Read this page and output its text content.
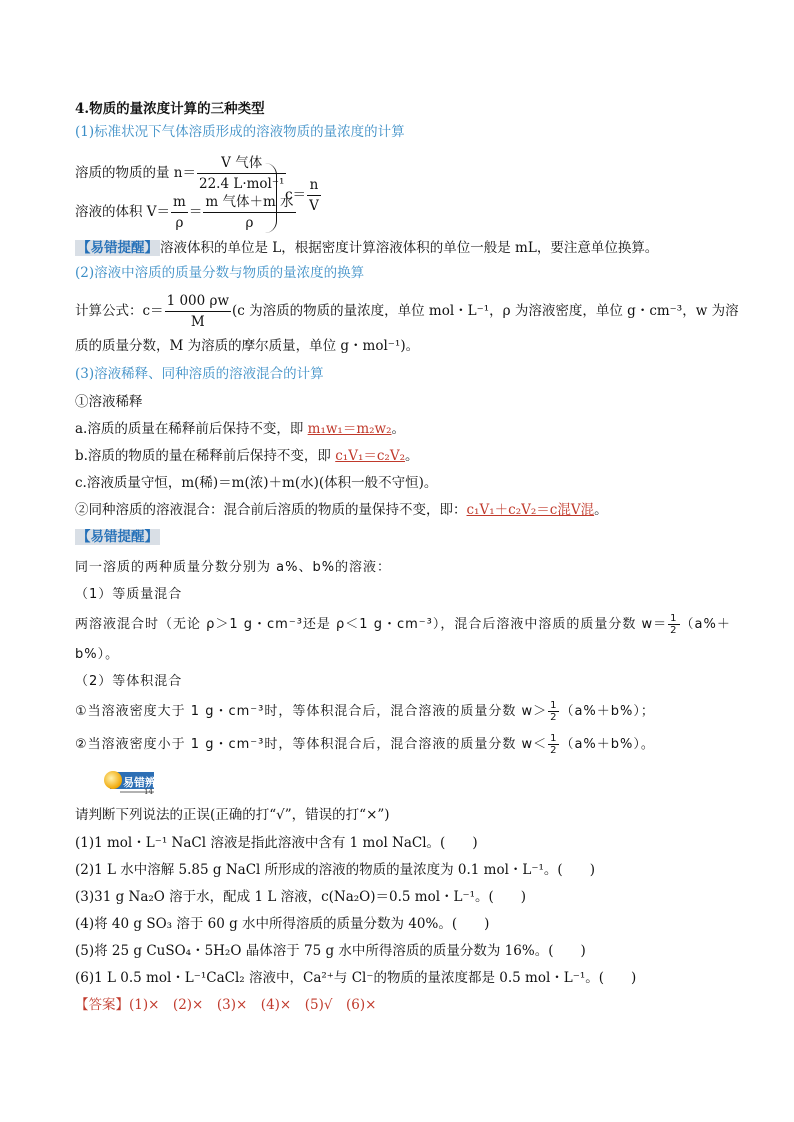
4.物质的量浓度计算的三种类型
(1)标准状况下气体溶质形成的溶液物质的量浓度的计算
溶质的物质的量 $n= \frac{\text{V 气体}}{\text{22.4 L·mol⁻¹}}$
溶液的体积 $V= \frac{m}{\rho} = \frac{\text{m 气体＋m 水}}{\rho}$
$c= \frac{n}{V}$
【易错提醒】 溶液体积的单位是 L，根据密度计算溶液体积的单位一般是 mL，要注意单位换算。
(2)溶液中溶质的质量分数与物质的量浓度的换算
计算公式：$c= \frac{1 000 \rho w}{M} (c$ 为溶质的物质的量浓度，单位 mol・L⁻¹，ρ 为溶液密度，单位 g・cm⁻³，w 为溶
质的质量分数，M 为溶质的摩尔质量，单位 g・mol⁻¹)。
(3)溶液稀释、同种溶质的溶液混合的计算
①溶液稀释
a.溶质的质量在稀释前后保持不变，即 m₁w₁＝m₂w₂。
b.溶质的物质的量在稀释前后保持不变，即 c₁V₁＝c₂V₂。
c.溶液质量守恒，m(稀)＝m(浓)＋m(水)(体积一般不守恒)。
②同种溶质的溶液混合：混合前后溶质的物质的量保持不变，即：c₁V₁＋c₂V₂＝c混V混。
【易错提醒】
同一溶质的两种质量分数分别为 a%、b%的溶液：
（1）等质量混合
两溶液混合时（无论 ρ＞1 g・cm⁻³还是 ρ＜1 g・cm⁻³），混合后溶液中溶质的质量分数 $w= \frac{1}{2} (a\%+$
b%）。
（2）等体积混合
①当溶液密度大于 1 g・cm⁻³时，等体积混合后，混合溶液的质量分数 $w> \frac{1}{2} (a\%+b\%)$；
②当溶液密度小于 1 g・cm⁻³时，等体积混合后，混合溶液的质量分数 $w< \frac{1}{2} (a\%+b\%)$。
易错辨析
14
请判断下列说法的正误(正确的打“√”，错误的打“×”)
(1)1 mol・L⁻¹ NaCl 溶液是指此溶液中含有 1 mol NaCl。(　　)
(2)1 L 水中溶解 5.85 g NaCl 所形成的溶液的物质的量浓度为 0.1 mol・L⁻¹。(　　)
(3)31 g Na₂O 溶于水，配成 1 L 溶液，c(Na₂O)＝0.5 mol・L⁻¹。(　　)
(4)将 40 g SO₃ 溶于 60 g 水中所得溶质的质量分数为 40%。(　　)
(5)将 25 g CuSO₄・5H₂O 晶体溶于 75 g 水中所得溶质的质量分数为 16%。(　　)
(6)1 L 0.5 mol・L⁻¹CaCl₂ 溶液中，Ca²⁺与 Cl⁻的物质的量浓度都是 0.5 mol・L⁻¹。(　　)
【答案】(1)×　(2)×　(3)×　(4)×　(5)√　(6)×
